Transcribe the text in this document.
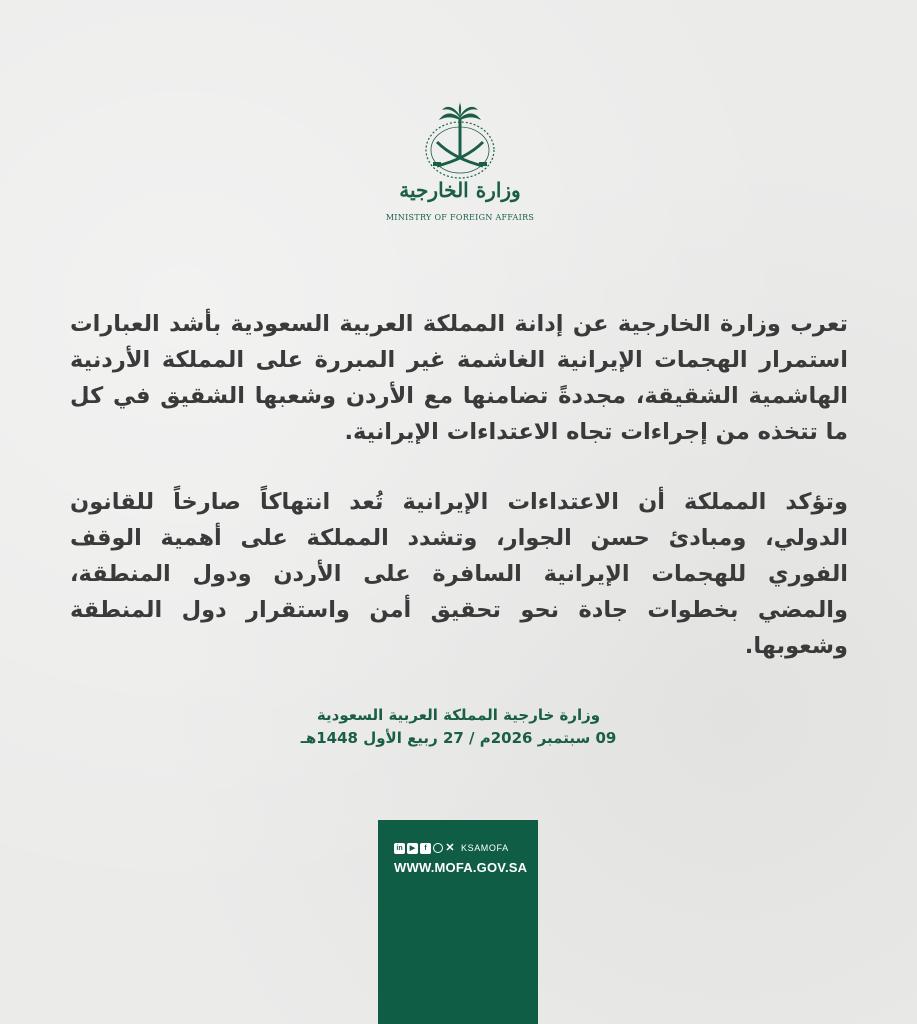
وزارة الخارجية
MINISTRY OF FOREIGN AFFAIRS

تعرب وزارة الخارجية عن إدانة المملكة العربية السعودية بأشد العبارات استمرار الهجمات الإيرانية الغاشمة غير المبررة على المملكة الأردنية الهاشمية الشقيقة، مجددةً تضامنها مع الأردن وشعبها الشقيق في كل ما تتخذه من إجراءات تجاه الاعتداءات الإيرانية.

وتؤكد المملكة أن الاعتداءات الإيرانية تُعد انتهاكاً صارخاً للقانون الدولي، ومبادئ حسن الجوار، وتشدد المملكة على أهمية الوقف الفوري للهجمات الإيرانية السافرة على الأردن ودول المنطقة، والمضي بخطوات جادة نحو تحقيق أمن واستقرار دول المنطقة وشعوبها.

وزارة خارجية المملكة العربية السعودية
09 سبتمبر 2026م / 27 ربيع الأول 1448هـ
in	▶	f	✕ KSAMOFA
WWW.MOFA.GOV.SA
